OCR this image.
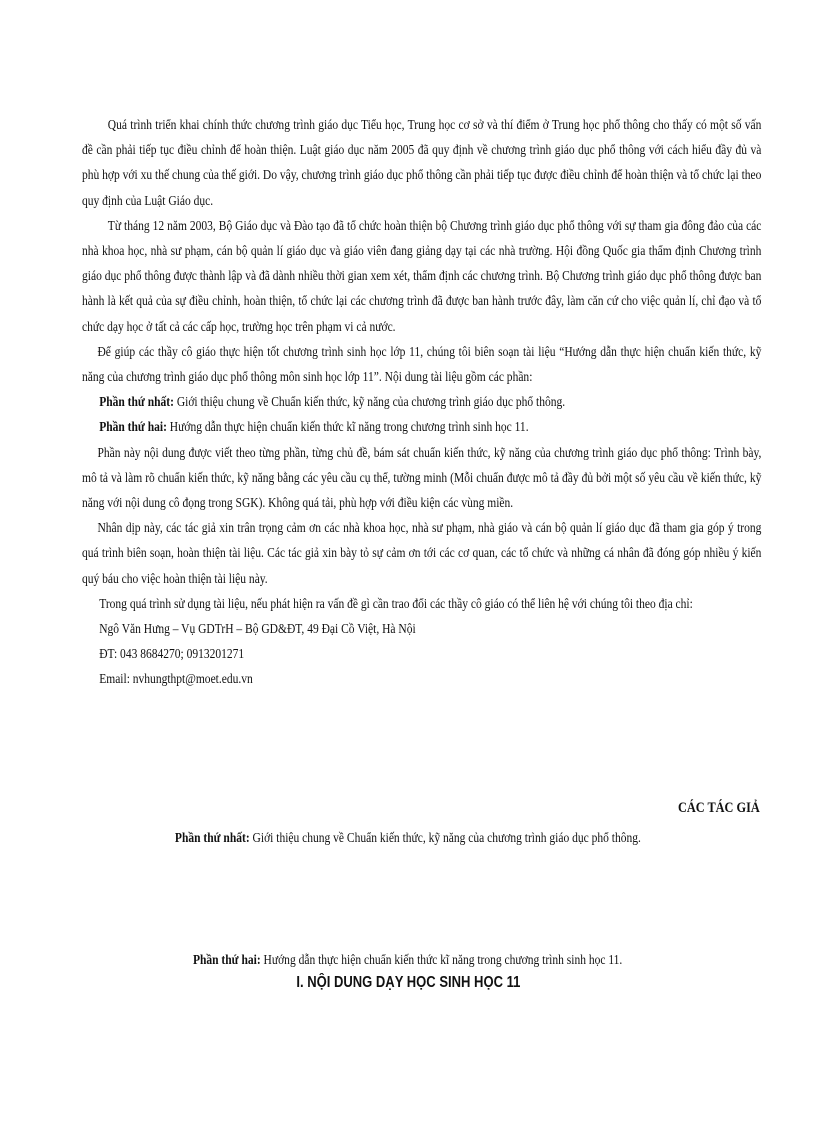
Quá trình triển khai chính thức chương trình giáo dục Tiểu học, Trung học cơ sở và thí điểm ở Trung học phổ thông cho thấy có một số vấn đề cần phải tiếp tục điều chỉnh để hoàn thiện. Luật giáo dục năm 2005 đã quy định về chương trình giáo dục phổ thông với cách hiểu đầy đủ và phù hợp với xu thế chung của thế giới. Do vậy, chương trình giáo dục phổ thông cần phải tiếp tục được điều chỉnh để hoàn thiện và tổ chức lại theo quy định của Luật Giáo dục.

Từ tháng 12 năm 2003, Bộ Giáo dục và Đào tạo đã tổ chức hoàn thiện bộ Chương trình giáo dục phổ thông với sự tham gia đông đảo của các nhà khoa học, nhà sư phạm, cán bộ quản lí giáo dục và giáo viên đang giảng dạy tại các nhà trường. Hội đồng Quốc gia thẩm định Chương trình giáo dục phổ thông được thành lập và đã dành nhiều thời gian xem xét, thẩm định các chương trình. Bộ Chương trình giáo dục phổ thông được ban hành là kết quả của sự điều chỉnh, hoàn thiện, tổ chức lại các chương trình đã được ban hành trước đây, làm căn cứ cho việc quản lí, chỉ đạo và tổ chức dạy học ở tất cả các cấp học, trường học trên phạm vi cả nước.

Để giúp các thầy cô giáo thực hiện tốt chương trình sinh học lớp 11, chúng tôi biên soạn tài liệu “Hướng dẫn thực hiện chuẩn kiến thức, kỹ năng của chương trình giáo dục phổ thông môn sinh học lớp 11”. Nội dung tài liệu gồm các phần:

Phần thứ nhất: Giới thiệu chung về Chuẩn kiến thức, kỹ năng của chương trình giáo dục phổ thông.

Phần thứ hai: Hướng dẫn thực hiện chuẩn kiến thức kĩ năng trong chương trình sinh học 11.

Phần này nội dung được viết theo từng phần, từng chủ đề, bám sát chuẩn kiến thức, kỹ năng của chương trình giáo dục phổ thông: Trình bày, mô tả và làm rõ chuẩn kiến thức, kỹ năng bằng các yêu cầu cụ thể, tường minh (Mỗi chuẩn được mô tả đầy đủ bởi một số yêu cầu về kiến thức, kỹ năng với nội dung cô đọng trong SGK). Không quá tải, phù hợp với điều kiện các vùng miền.

Nhân dịp này, các tác giả xin trân trọng cảm ơn các nhà khoa học, nhà sư phạm, nhà giáo và cán bộ quản lí giáo dục đã tham gia góp ý trong quá trình biên soạn, hoàn thiện tài liệu. Các tác giả xin bày tỏ sự cảm ơn tới các cơ quan, các tổ chức và những cá nhân đã đóng góp nhiều ý kiến quý báu cho việc hoàn thiện tài liệu này.

Trong quá trình sử dụng tài liệu, nếu phát hiện ra vấn đề gì cần trao đổi các thầy cô giáo có thể liên hệ với chúng tôi theo địa chỉ:

Ngô Văn Hưng – Vụ GDTrH – Bộ GD&ĐT, 49 Đại Cồ Việt, Hà Nội

ĐT: 043 8684270; 0913201271

Email: nvhungthpt@moet.edu.vn

CÁC TÁC GIẢ
Phần thứ nhất: Giới thiệu chung về Chuẩn kiến thức, kỹ năng của chương trình giáo dục phổ thông.
Phần thứ hai: Hướng dẫn thực hiện chuẩn kiến thức kĩ năng trong chương trình sinh học 11.
I. NỘI DUNG DẠY HỌC SINH HỌC 11
